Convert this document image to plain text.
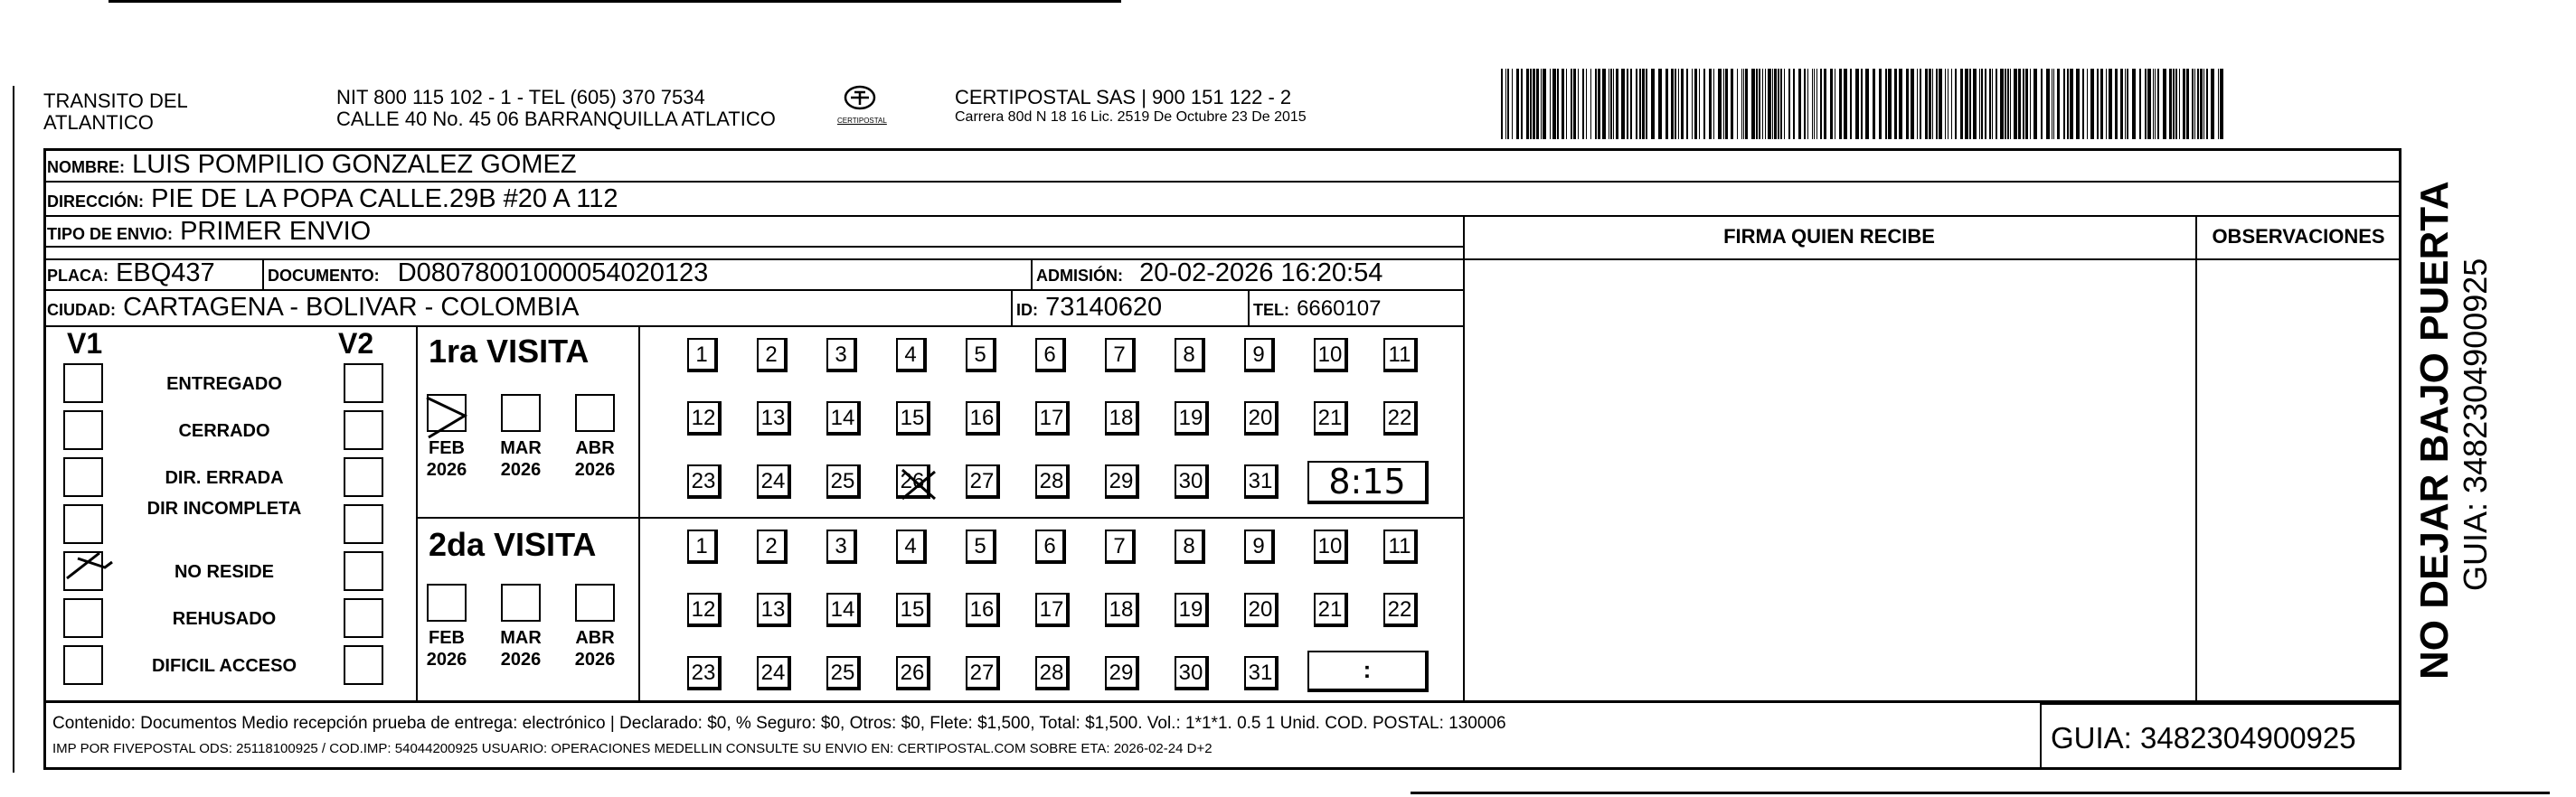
TRANSITO DEL
ATLANTICO
NIT 800 115 102 - 1 - TEL (605) 370 7534
CALLE 40 No. 45 06 BARRANQUILLA ATLATICO	CERTIPOSTAL
CERTIPOSTAL SAS | 900 151 122 - 2
Carrera 80d N 18 16 Lic. 2519 De Octubre 23 De 2015
NOMBRE: LUIS POMPILIO GONZALEZ GOMEZ
DIRECCIÓN: PIE DE LA POPA CALLE.29B #20 A 112
TIPO DE ENVIO: PRIMER ENVIO	FIRMA QUIEN RECIBE	OBSERVACIONES
PLACA: EBQ437	DOCUMENTO: D08078001000054020123	ADMISIÓN: 20-02-2026 16:20:54
CIUDAD: CARTAGENA - BOLIVAR - COLOMBIA	ID: 73140620	TEL: 6660107
V1	V2 1ra VISITA
2da VISITA
8:15
:
Contenido: Documentos Medio recepción prueba de entrega: electrónico | Declarado: $0, % Seguro: $0, Otros: $0, Flete: $1,500, Total: $1,500. Vol.: 1*1*1. 0.5 1 Unid. COD. POSTAL: 130006
IMP POR FIVEPOSTAL ODS: 25118100925 / COD.IMP: 54044200925 USUARIO: OPERACIONES MEDELLIN CONSULTE SU ENVIO EN: CERTIPOSTAL.COM SOBRE ETA: 2026-02-24 D+2	GUIA: 3482304900925
NO DEJAR BAJO PUERTA GUIA: 3482304900925
ENTREGADO
CERRADO
DIR. ERRADA
DIR INCOMPLETA
NO RESIDE
REHUSADO
DIFICIL ACCESO
FEB
2026
MAR
2026
ABR
2026
FEB
2026
MAR
2026
ABR
2026
1	2	3	4	5	6	7	8	9	10 11
12 13 14 15 16 17 18 19 20 21 22
23 24 25 26 27 28 29 30 31
1	2	3	4	5	6	7	8	9	10 11
12 13 14 15 16 17 18 19 20 21 22
23 24 25 26 27 28 29 30 31
